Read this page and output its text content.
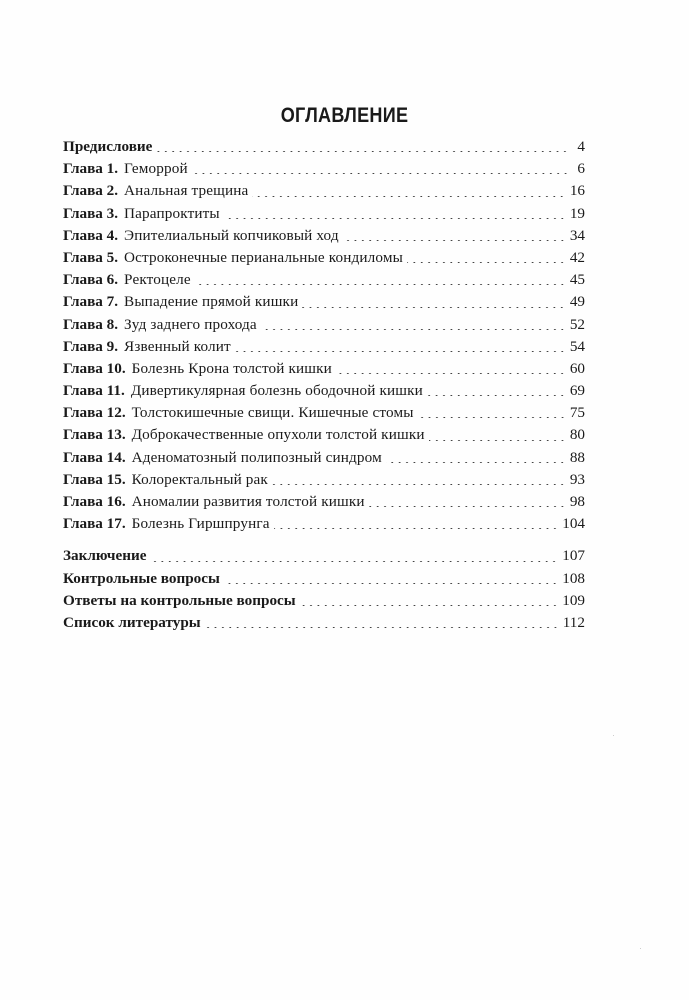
ОГЛАВЛЕНИЕ
Предисловие	4
Глава 1. Геморрой	6
Глава 2. Анальная трещина	16
Глава 3. Парапроктиты	19
Глава 4. Эпителиальный копчиковый ход	34
Глава 5. Остроконечные перианальные кондиломы	42
Глава 6. Ректоцеле	45
Глава 7. Выпадение прямой кишки	49
Глава 8. Зуд заднего прохода	52
Глава 9. Язвенный колит	54
Глава 10. Болезнь Крона толстой кишки	60
Глава 11. Дивертикулярная болезнь ободочной кишки	69
Глава 12. Толстокишечные свищи. Кишечные стомы	75
Глава 13. Доброкачественные опухоли толстой кишки	80
Глава 14. Аденоматозный полипозный синдром	88
Глава 15. Колоректальный рак	93
Глава 16. Аномалии развития толстой кишки	98
Глава 17. Болезнь Гиршпрунга	104
Заключение	107
Контрольные вопросы	108
Ответы на контрольные вопросы	109
Список литературы	112
